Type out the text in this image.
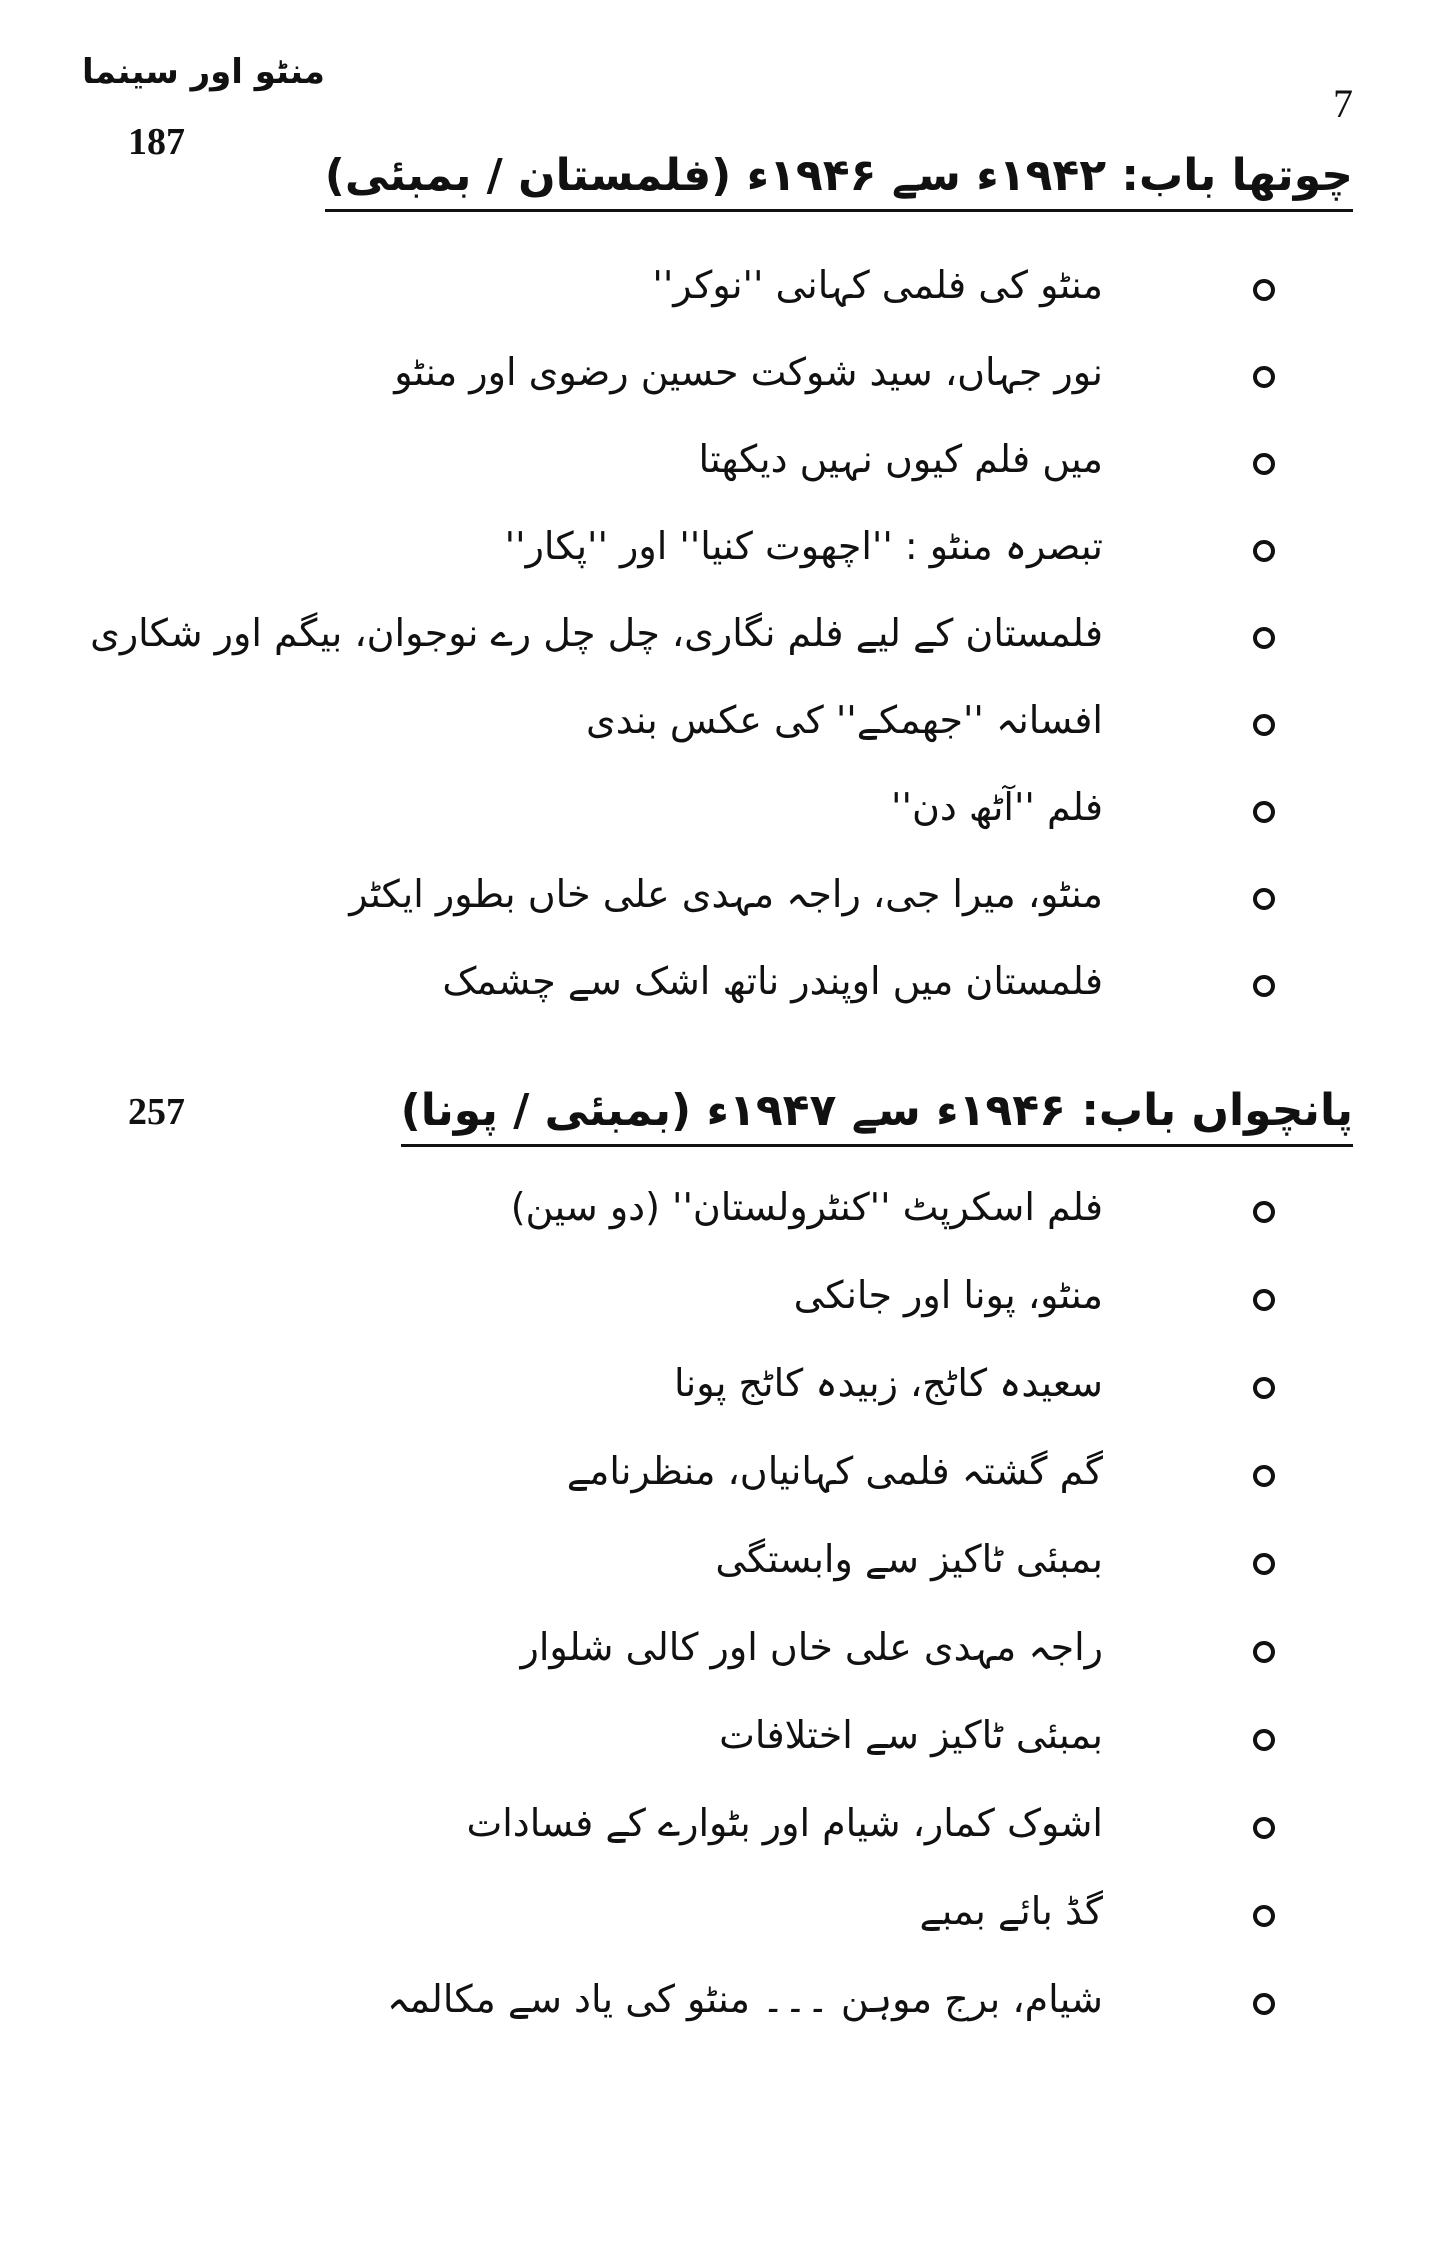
منٹو اور سینما
7
187
چوتھا باب: ۱۹۴۲ء سے ۱۹۴۶ء (فلمستان / بمبئی)
منٹو کی فلمی کہانی ''نوکر''
نور جہاں، سید شوکت حسین رضوی اور منٹو
میں فلم کیوں نہیں دیکھتا
تبصرہ منٹو : ''اچھوت کنیا'' اور ''پکار''
فلمستان کے لیے فلم نگاری، چل چل رے نوجوان، بیگم اور شکاری
افسانہ ''جھمکے'' کی عکس بندی
فلم ''آٹھ دن''
منٹو، میرا جی، راجہ مہدی علی خاں بطور ایکٹر
فلمستان میں اوپندر ناتھ اشک سے چشمک
257	پانچواں باب: ۱۹۴۶ء سے ۱۹۴۷ء (بمبئی / پونا)
فلم اسکرپٹ ''کنٹرولستان'' (دو سین)
منٹو، پونا اور جانکی
سعیدہ کاٹج، زبیدہ کاٹج پونا
گم گشتہ فلمی کہانیاں، منظرنامے
بمبئی ٹاکیز سے وابستگی
راجہ مہدی علی خاں اور کالی شلوار
بمبئی ٹاکیز سے اختلافات
اشوک کمار، شیام اور بٹوارے کے فسادات
گڈ بائے بمبے
شیام، برج موہن ۔۔۔ منٹو کی یاد سے مکالمہ
